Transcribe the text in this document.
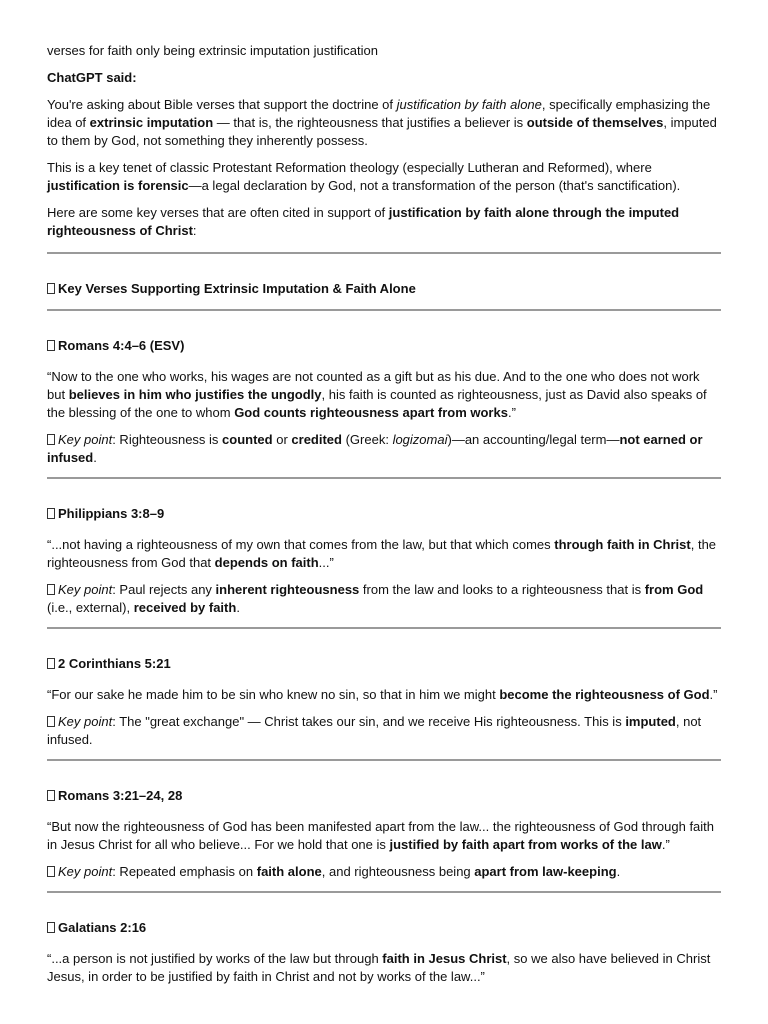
verses for faith only being extrinsic imputation justification

ChatGPT said:

You're asking about Bible verses that support the doctrine of justification by faith alone, specifically emphasizing the idea of extrinsic imputation — that is, the righteousness that justifies a believer is outside of themselves, imputed to them by God, not something they inherently possess.

This is a key tenet of classic Protestant Reformation theology (especially Lutheran and Reformed), where justification is forensic—a legal declaration by God, not a transformation of the person (that's sanctification).

Here are some key verses that are often cited in support of justification by faith alone through the imputed righteousness of Christ:

Key Verses Supporting Extrinsic Imputation & Faith Alone

Romans 4:4–6 (ESV)

“Now to the one who works, his wages are not counted as a gift but as his due. And to the one who does not work but believes in him who justifies the ungodly, his faith is counted as righteousness, just as David also speaks of the blessing of the one to whom God counts righteousness apart from works.”

Key point: Righteousness is counted or credited (Greek: logizomai)—an accounting/legal term—not earned or infused.

Philippians 3:8–9

“...not having a righteousness of my own that comes from the law, but that which comes through faith in Christ, the righteousness from God that depends on faith...”

Key point: Paul rejects any inherent righteousness from the law and looks to a righteousness that is from God (i.e., external), received by faith.

2 Corinthians 5:21

“For our sake he made him to be sin who knew no sin, so that in him we might become the righteousness of God.”

Key point: The "great exchange" — Christ takes our sin, and we receive His righteousness. This is imputed, not infused.

Romans 3:21–24, 28

“But now the righteousness of God has been manifested apart from the law... the righteousness of God through faith in Jesus Christ for all who believe... For we hold that one is justified by faith apart from works of the law.”

Key point: Repeated emphasis on faith alone, and righteousness being apart from law-keeping.

Galatians 2:16

“...a person is not justified by works of the law but through faith in Jesus Christ, so we also have believed in Christ Jesus, in order to be justified by faith in Christ and not by works of the law...”
